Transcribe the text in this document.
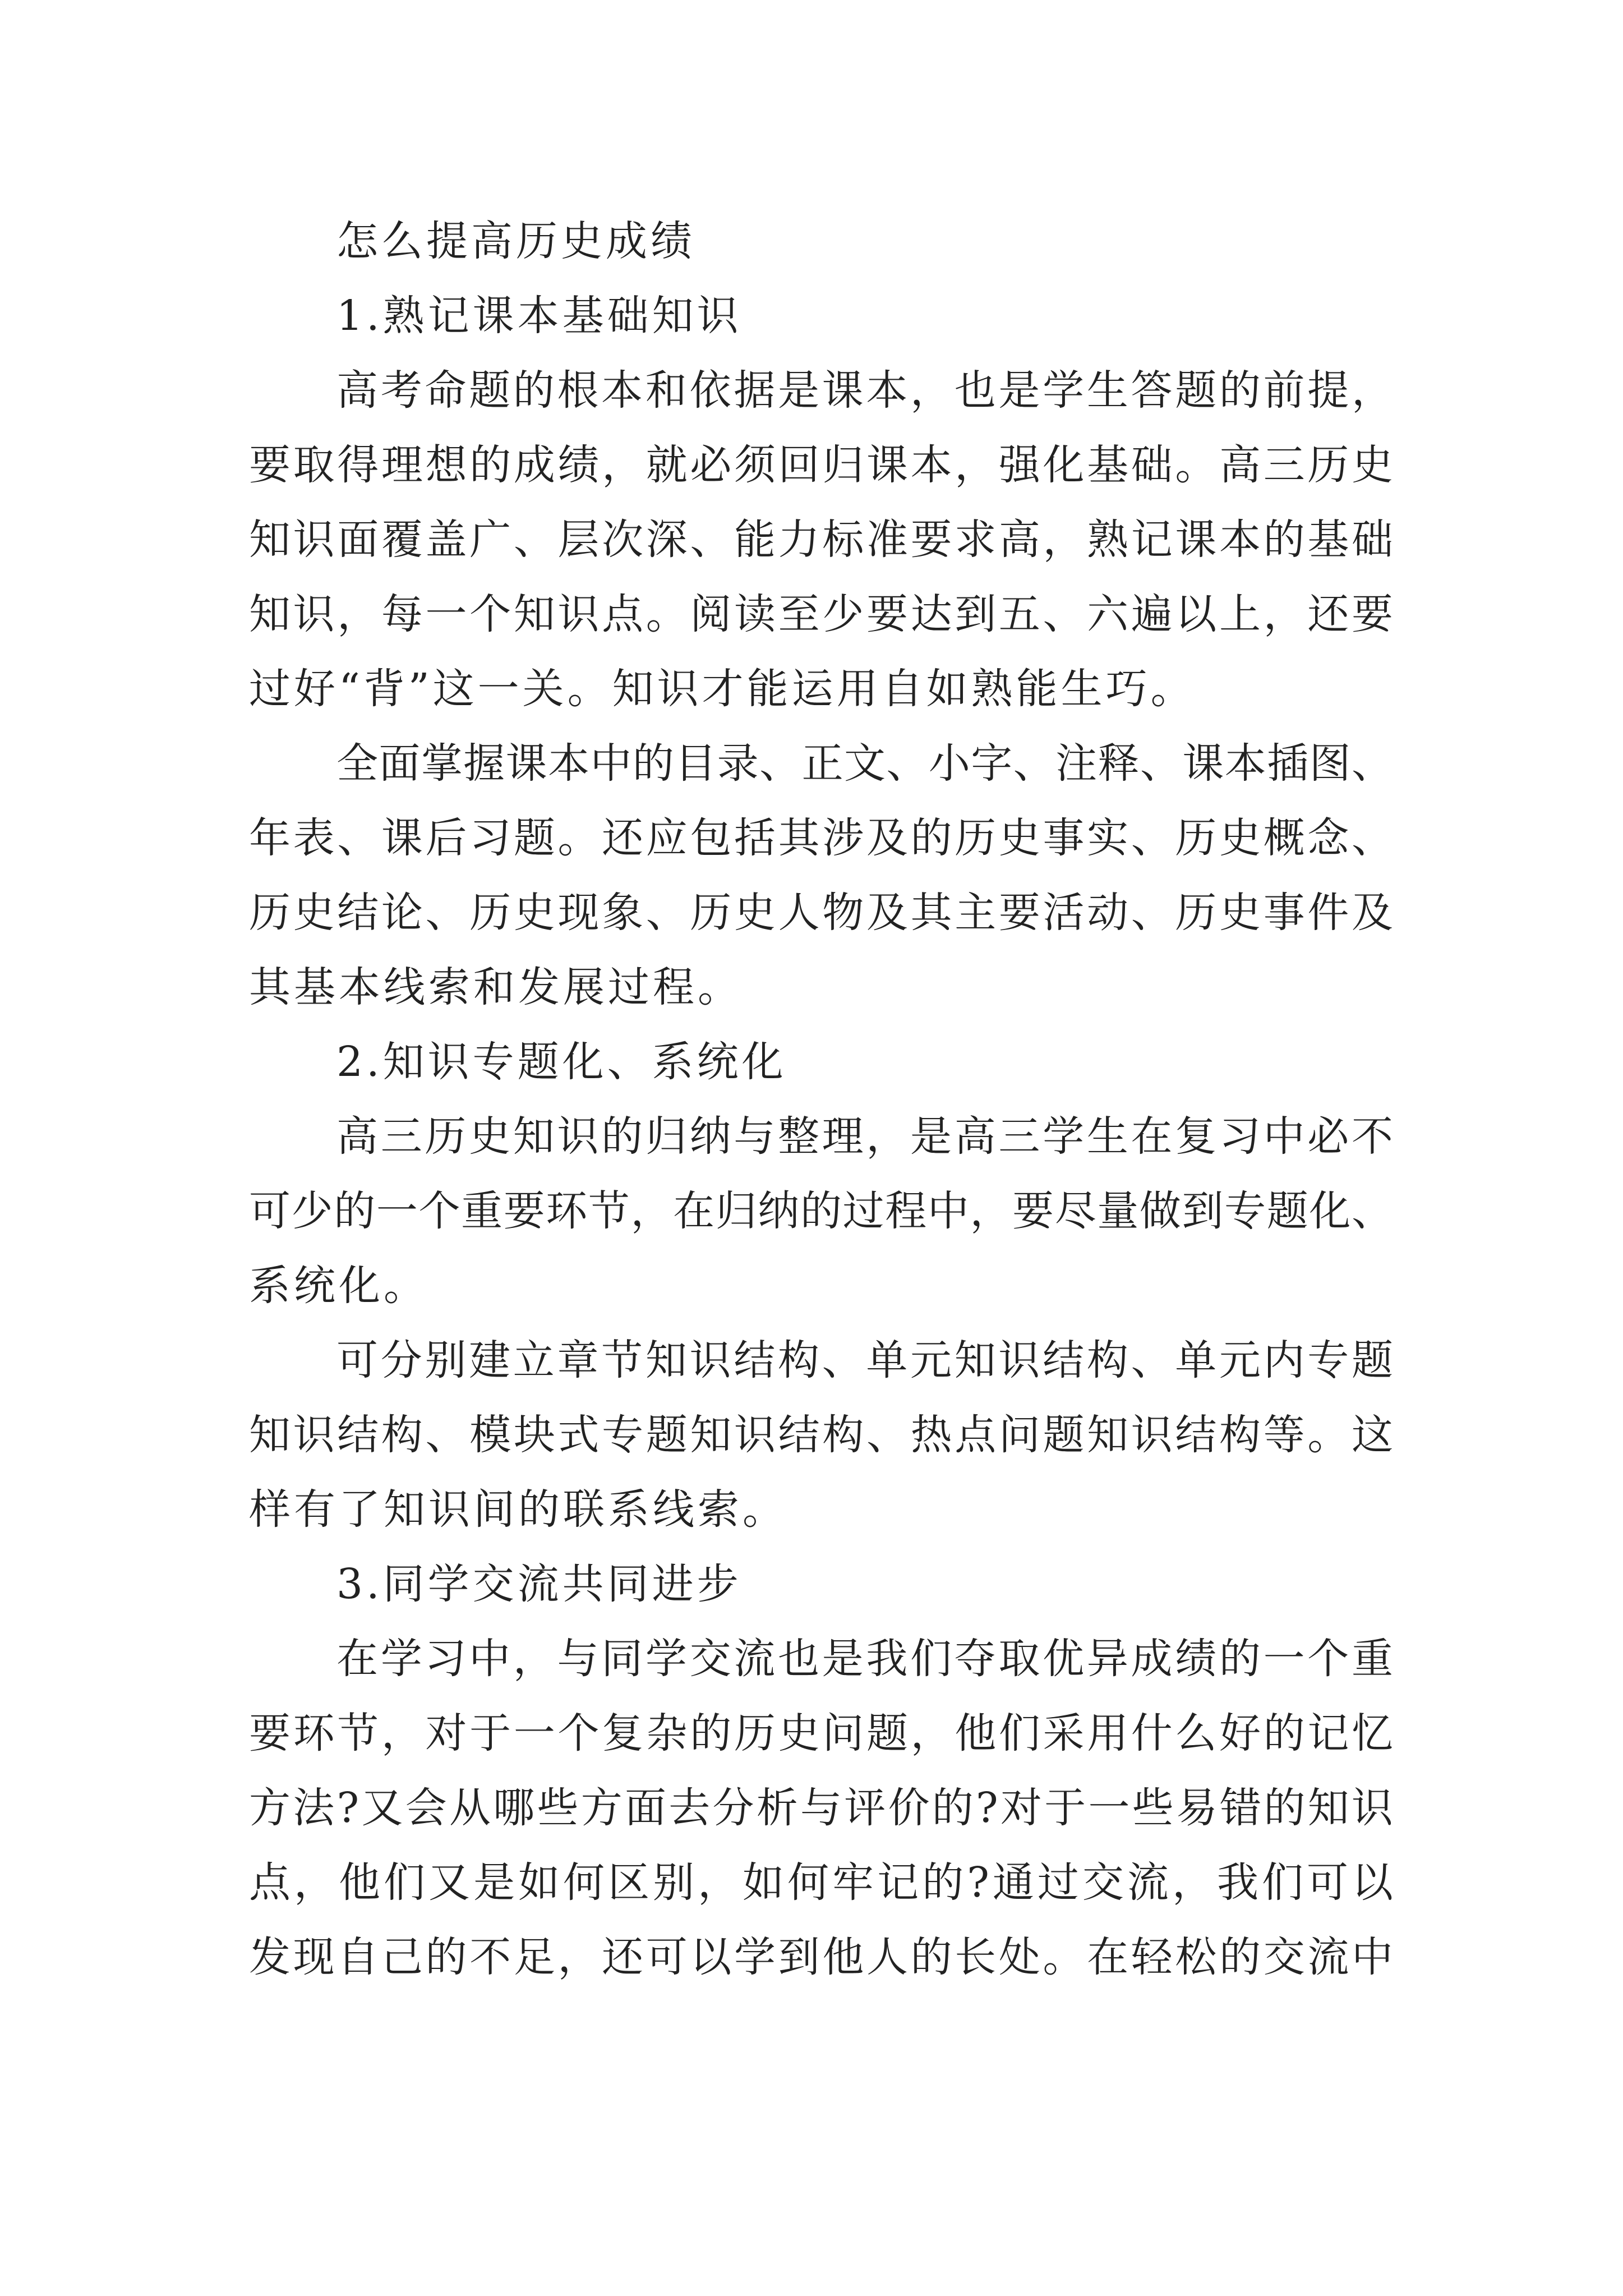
怎么提高历史成绩
1.熟记课本基础知识
高考命题的根本和依据是课本，也是学生答题的前提，
要取得理想的成绩，就必须回归课本，强化基础。高三历史
知识面覆盖广、层次深、能力标准要求高，熟记课本的基础
知识，每一个知识点。阅读至少要达到五、六遍以上，还要
过好“背”这一关。知识才能运用自如熟能生巧。
全面掌握课本中的目录、正文、小字、注释、课本插图、
年表、课后习题。还应包括其涉及的历史事实、历史概念、
历史结论、历史现象、历史人物及其主要活动、历史事件及
其基本线索和发展过程。
2.知识专题化、系统化
高三历史知识的归纳与整理，是高三学生在复习中必不
可少的一个重要环节，在归纳的过程中，要尽量做到专题化、
系统化。
可分别建立章节知识结构、单元知识结构、单元内专题
知识结构、模块式专题知识结构、热点问题知识结构等。这
样有了知识间的联系线索。
3.同学交流共同进步
在学习中，与同学交流也是我们夺取优异成绩的一个重
要环节，对于一个复杂的历史问题，他们采用什么好的记忆
方法?又会从哪些方面去分析与评价的?对于一些易错的知识
点，他们又是如何区别，如何牢记的?通过交流，我们可以
发现自己的不足，还可以学到他人的长处。在轻松的交流中
